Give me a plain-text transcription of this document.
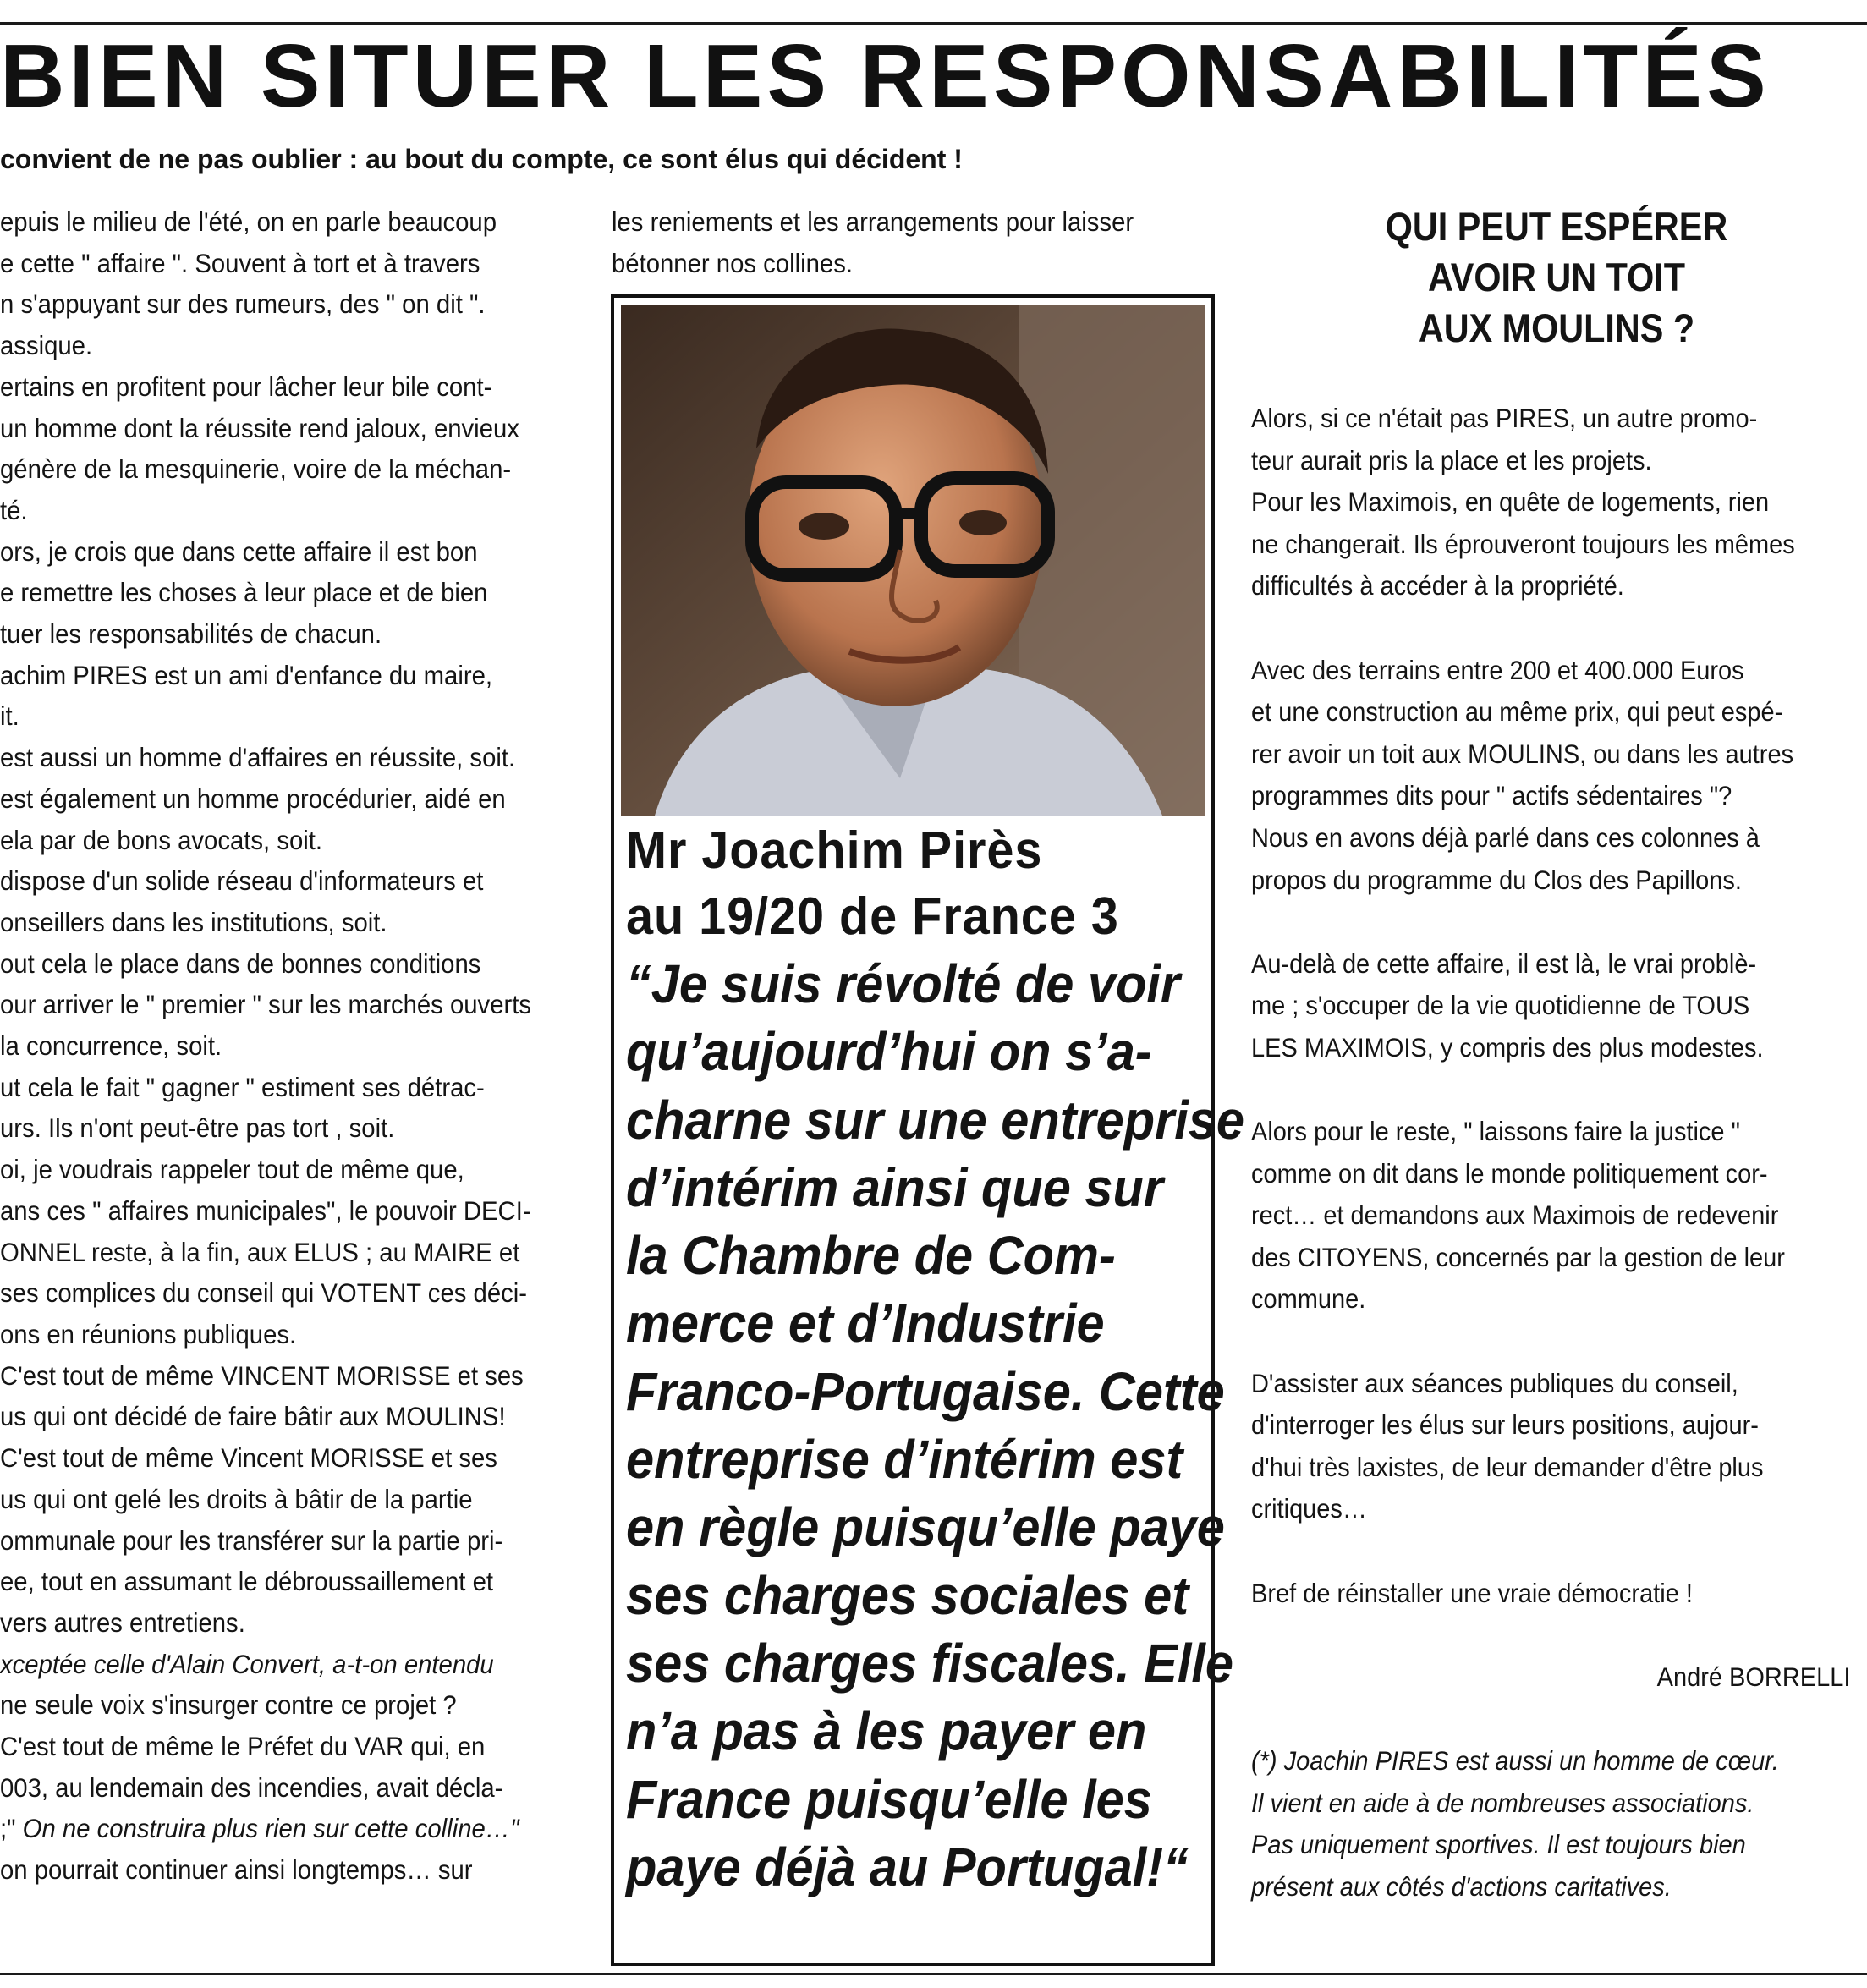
BIEN SITUER LES RESPONSABILITÉS
convient de ne pas oublier : au bout du compte, ce sont élus qui décident !

epuis le milieu de l'été, on en parle beaucoup

e cette " affaire ". Souvent à tort et à travers

n s'appuyant sur des rumeurs, des " on dit ".

assique.

ertains en profitent pour lâcher leur bile cont-

un homme dont la réussite rend jaloux, envieux

génère de la mesquinerie, voire de la méchan-

té.

ors, je crois que dans cette affaire il est bon

e remettre les choses à leur place et de bien

tuer les responsabilités de chacun.

achim PIRES est un ami d'enfance du maire,

it.

est aussi un homme d'affaires en réussite, soit.

est également un homme procédurier, aidé en

ela par de bons avocats, soit.

dispose d'un solide réseau d'informateurs et

onseillers dans les institutions, soit.

out cela le place dans de bonnes conditions

our arriver le " premier " sur les marchés ouverts

la concurrence, soit.

ut cela le fait " gagner " estiment ses détrac-

urs. Ils n'ont peut-être pas tort , soit.

oi, je voudrais rappeler tout de même que,

ans ces " affaires municipales", le pouvoir DECI-

ONNEL reste, à la fin, aux ELUS ; au MAIRE et

ses complices du conseil qui VOTENT ces déci-

ons en réunions publiques.

C'est tout de même VINCENT MORISSE et ses

us qui ont décidé de faire bâtir aux MOULINS!

C'est tout de même Vincent MORISSE et ses

us qui ont gelé les droits à bâtir de la partie

ommunale pour les transférer sur la partie pri-

ee, tout en assumant le débroussaillement et

vers autres entretiens.

xceptée celle d'Alain Convert, a-t-on entendu

ne seule voix s'insurger contre ce projet ?

C'est tout de même le Préfet du VAR qui, en

003, au lendemain des incendies, avait décla-

;" On ne construira plus rien sur cette colline…"

on pourrait continuer ainsi longtemps… sur

les reniements et les arrangements pour laisser

bétonner nos collines.

Mr Joachim Pirès
au 19/20 de France 3
“Je suis révolté de voir
qu’aujourd’hui on s’a-
charne sur une entreprise
d’intérim ainsi que sur
la Chambre de Com-
merce et d’Industrie
Franco-Portugaise. Cette
entreprise d’intérim est
en règle puisqu’elle paye
ses charges sociales et
ses charges fiscales. Elle
n’a pas à les payer en
France puisqu’elle les
paye déjà au Portugal!“
QUI PEUT ESPÉRER
AVOIR UN TOIT
AUX MOULINS ?

Alors, si ce n'était pas PIRES, un autre promo-

teur aurait pris la place et les projets.

Pour les Maximois, en quête de logements, rien

ne changerait. Ils éprouveront toujours les mêmes

difficultés à accéder à la propriété.

Avec des terrains entre 200 et 400.000 Euros

et une construction au même prix, qui peut espé-

rer avoir un toit aux MOULINS, ou dans les autres

programmes dits pour " actifs sédentaires "?

Nous en avons déjà parlé dans ces colonnes à

propos du programme du Clos des Papillons.

Au-delà de cette affaire, il est là, le vrai problè-

me ; s'occuper de la vie quotidienne de TOUS

LES MAXIMOIS, y compris des plus modestes.

Alors pour le reste, " laissons faire la justice "

comme on dit dans le monde politiquement cor-

rect… et demandons aux Maximois de redevenir

des CITOYENS, concernés par la gestion de leur

commune.

D'assister aux séances publiques du conseil,

d'interroger les élus sur leurs positions, aujour-

d'hui très laxistes, de leur demander d'être plus

critiques…

Bref de réinstaller une vraie démocratie !

André BORRELLI

(*) Joachin PIRES est aussi un homme de cœur.

Il vient en aide à de nombreuses associations.

Pas uniquement sportives. Il est toujours bien

présent aux côtés d'actions caritatives.
